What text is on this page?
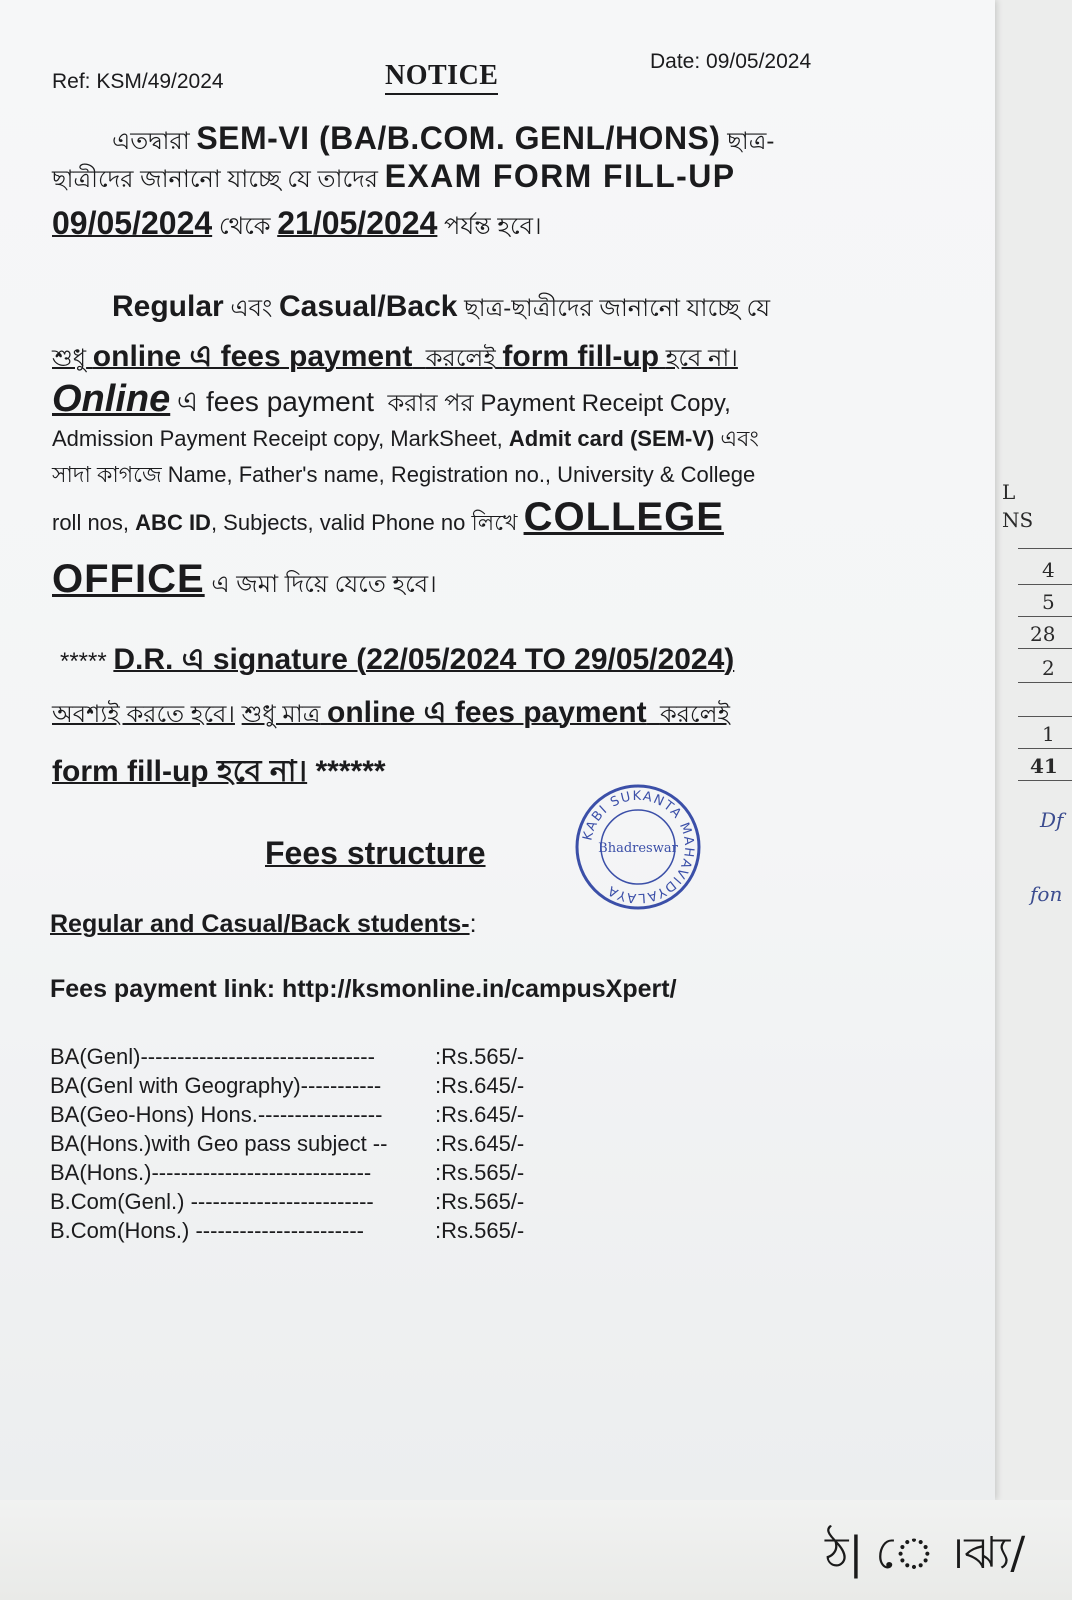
L
NS
4
5
28
2
1
41
Df
fon
Ref: KSM/49/2024	NOTICE	Date: 09/05/2024
এতদ্বারা SEM-VI (BA/B.COM. GENL/HONS) ছাত্র-
ছাত্রীদের জানানো যাচ্ছে যে তাদের EXAM FORM FILL-UP
09/05/2024 থেকে 21/05/2024 পর্যন্ত হবে।
Regular এবং Casual/Back ছাত্র-ছাত্রীদের জানানো যাচ্ছে যে
শুধু online এ fees payment করলেই form fill-up হবে না।
Online এ fees payment করার পর Payment Receipt Copy,
Admission Payment Receipt copy, MarkSheet, Admit card (SEM-V) এবং
সাদা কাগজে Name, Father's name, Registration no., University & College
roll nos, ABC ID, Subjects, valid Phone no লিখে COLLEGE
OFFICE এ জমা দিয়ে যেতে হবে।
***** D.R. এ signature (22/05/2024 TO 29/05/2024)
অবশ্যই করতে হবে। শুধু মাত্র online এ fees payment করলেই
form fill-up হবে না। ******
KABI SUKANTA MAHAVIDYALAYA
Bhadreswar
Fees structure
Regular and Casual/Back students-:
Fees payment link: http://ksmonline.in/campusXpert/
BA(Genl)--------------------------------	:Rs.565/-
BA(Genl with Geography)----------- :Rs.645/-
BA(Geo-Hons) Hons.----------------- :Rs.645/-
BA(Hons.)with Geo pass subject -- :Rs.645/-
BA(Hons.)------------------------------	:Rs.565/-
B.Com(Genl.) -------------------------	:Rs.565/-
B.Com(Hons.) -----------------------	:Rs.565/-
ঠ| ে ।ঝ্য/
